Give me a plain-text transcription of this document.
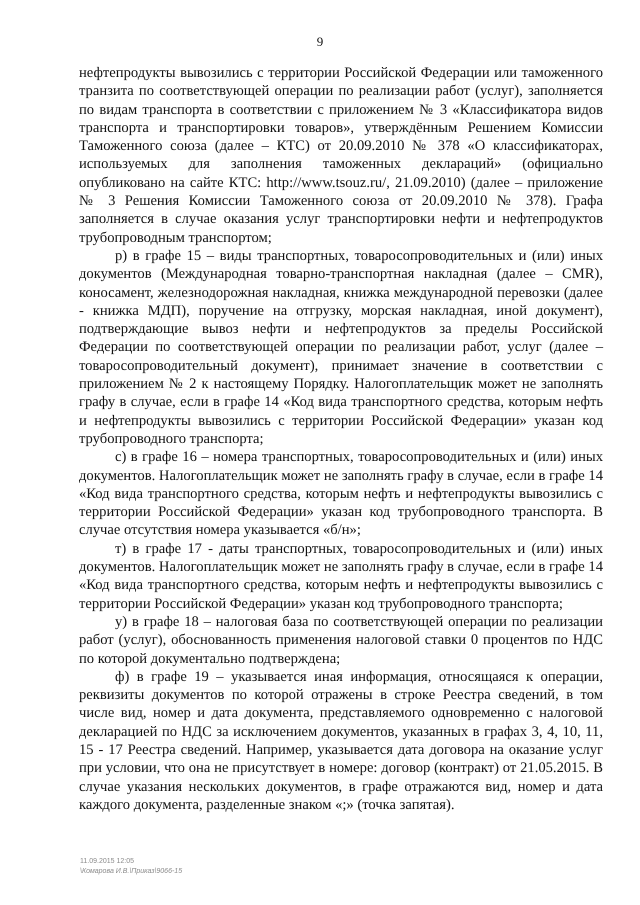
9

нефтепродукты вывозились с территории Российской Федерации или таможенного транзита по соответствующей операции по реализации работ (услуг), заполняется по видам транспорта в соответствии с приложением № 3 «Классификатора видов транспорта и транспортировки товаров», утверждённым Решением Комиссии Таможенного союза (далее – КТС) от 20.09.2010 № 378 «О классификаторах, используемых для заполнения таможенных деклараций» (официально опубликовано на сайте КТС: http://www.tsouz.ru/, 21.09.2010) (далее – приложение № 3 Решения Комиссии Таможенного союза от 20.09.2010 № 378). Графа заполняется в случае оказания услуг транспортировки нефти и нефтепродуктов трубопроводным транспортом;

р) в графе 15 – виды транспортных, товаросопроводительных и (или) иных документов (Международная товарно-транспортная накладная (далее – CMR), коносамент, железнодорожная накладная, книжка международной перевозки (далее - книжка МДП), поручение на отгрузку, морская накладная, иной документ), подтверждающие вывоз нефти и нефтепродуктов за пределы Российской Федерации по соответствующей операции по реализации работ, услуг (далее – товаросопроводительный документ), принимает значение в соответствии с приложением № 2 к настоящему Порядку. Налогоплательщик может не заполнять графу в случае, если в графе 14 «Код вида транспортного средства, которым нефть и нефтепродукты вывозились с территории Российской Федерации» указан код трубопроводного транспорта;

с) в графе 16 – номера транспортных, товаросопроводительных и (или) иных документов. Налогоплательщик может не заполнять графу в случае, если в графе 14 «Код вида транспортного средства, которым нефть и нефтепродукты вывозились с территории Российской Федерации» указан код трубопроводного транспорта. В случае отсутствия номера указывается «б/н»;

т) в графе 17 - даты транспортных, товаросопроводительных и (или) иных документов. Налогоплательщик может не заполнять графу в случае, если в графе 14 «Код вида транспортного средства, которым нефть и нефтепродукты вывозились с территории Российской Федерации» указан код трубопроводного транспорта;

у) в графе 18 – налоговая база по соответствующей операции по реализации работ (услуг), обоснованность применения налоговой ставки 0 процентов по НДС по которой документально подтверждена;

ф) в графе 19 – указывается иная информация, относящаяся к операции, реквизиты документов по которой отражены в строке Реестра сведений, в том числе вид, номер и дата документа, представляемого одновременно с налоговой декларацией по НДС за исключением документов, указанных в графах 3, 4, 10, 11, 15 - 17 Реестра сведений. Например, указывается дата договора на оказание услуг при условии, что она не присутствует в номере: договор (контракт) от 21.05.2015. В случае указания нескольких документов, в графе отражаются вид, номер и дата каждого документа, разделенные знаком «;» (точка запятая).

11.09.2015 12:05
\Комарова И.В.\Приказ\9066-15
